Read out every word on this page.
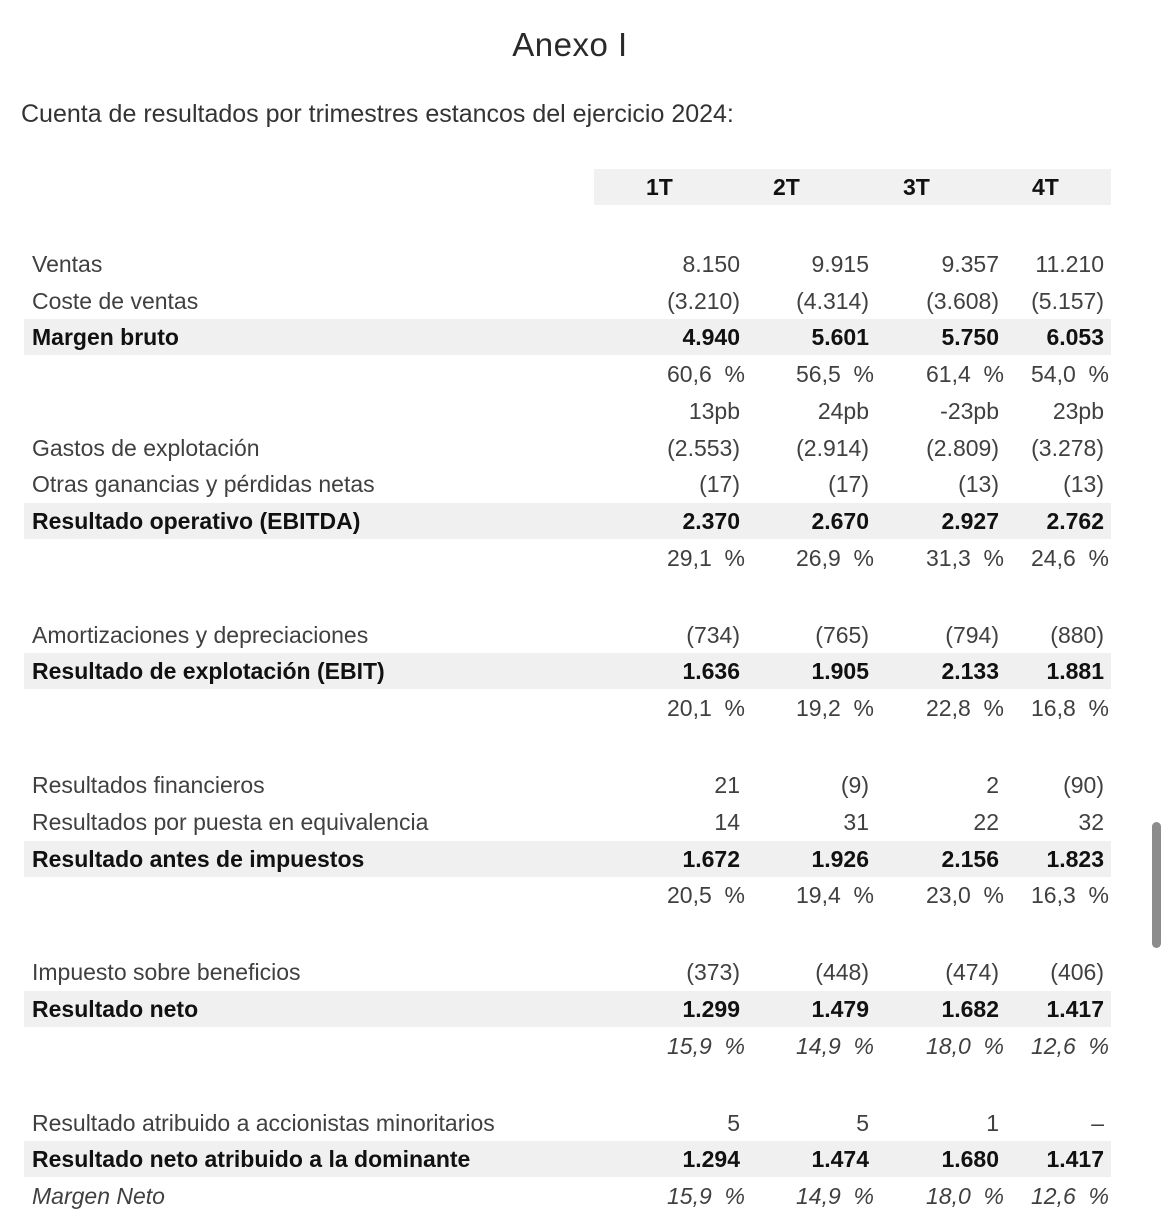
Anexo I
Cuenta de resultados por trimestres estancos del ejercicio 2024:
1T	2T	3T	4T
Ventas	8.150	9.915	9.357 11.210
Coste de ventas	(3.210) (4.314) (3.608) (5.157)
Margen bruto	4.940	5.601	5.750 6.053
60,6  % 56,5  % 61,4  % 54,0  %
13pb	24pb	-23pb 23pb
Gastos de explotación	(2.553) (2.914) (2.809) (3.278)
Otras ganancias y pérdidas netas	(17)	(17)	(13)	(13)
Resultado operativo (EBITDA)	2.370	2.670	2.927 2.762
29,1  % 26,9  % 31,3  % 24,6  %
Amortizaciones y depreciaciones	(734)	(765)	(794) (880)
Resultado de explotación (EBIT)	1.636	1.905	2.133 1.881
20,1  % 19,2  % 22,8  % 16,8  %
Resultados financieros	21	(9)	2	(90)
Resultados por puesta en equivalencia	14	31	22	32
Resultado antes de impuestos	1.672	1.926	2.156 1.823
20,5  % 19,4  % 23,0  % 16,3  %
Impuesto sobre beneficios	(373)	(448)	(474) (406)
Resultado neto	1.299	1.479	1.682 1.417
15,9  % 14,9  % 18,0  % 12,6  %
Resultado atribuido a accionistas minoritarios	5	5	1	–
Resultado neto atribuido a la dominante	1.294	1.474	1.680 1.417
Margen Neto	15,9  % 14,9  % 18,0  % 12,6  %
